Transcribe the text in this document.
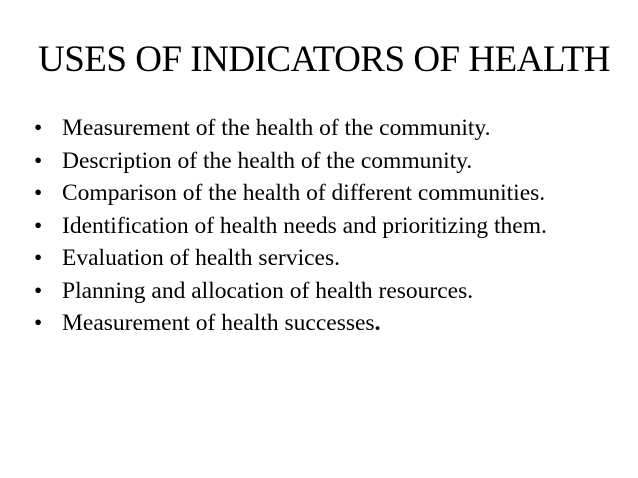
USES OF INDICATORS OF HEALTH
• Measurement of the health of the community.
• Description of the health of the community.
• Comparison of the health of different communities.
• Identification of health needs and prioritizing them.
• Evaluation of health services.
• Planning and allocation of health resources.
• Measurement of health successes.
